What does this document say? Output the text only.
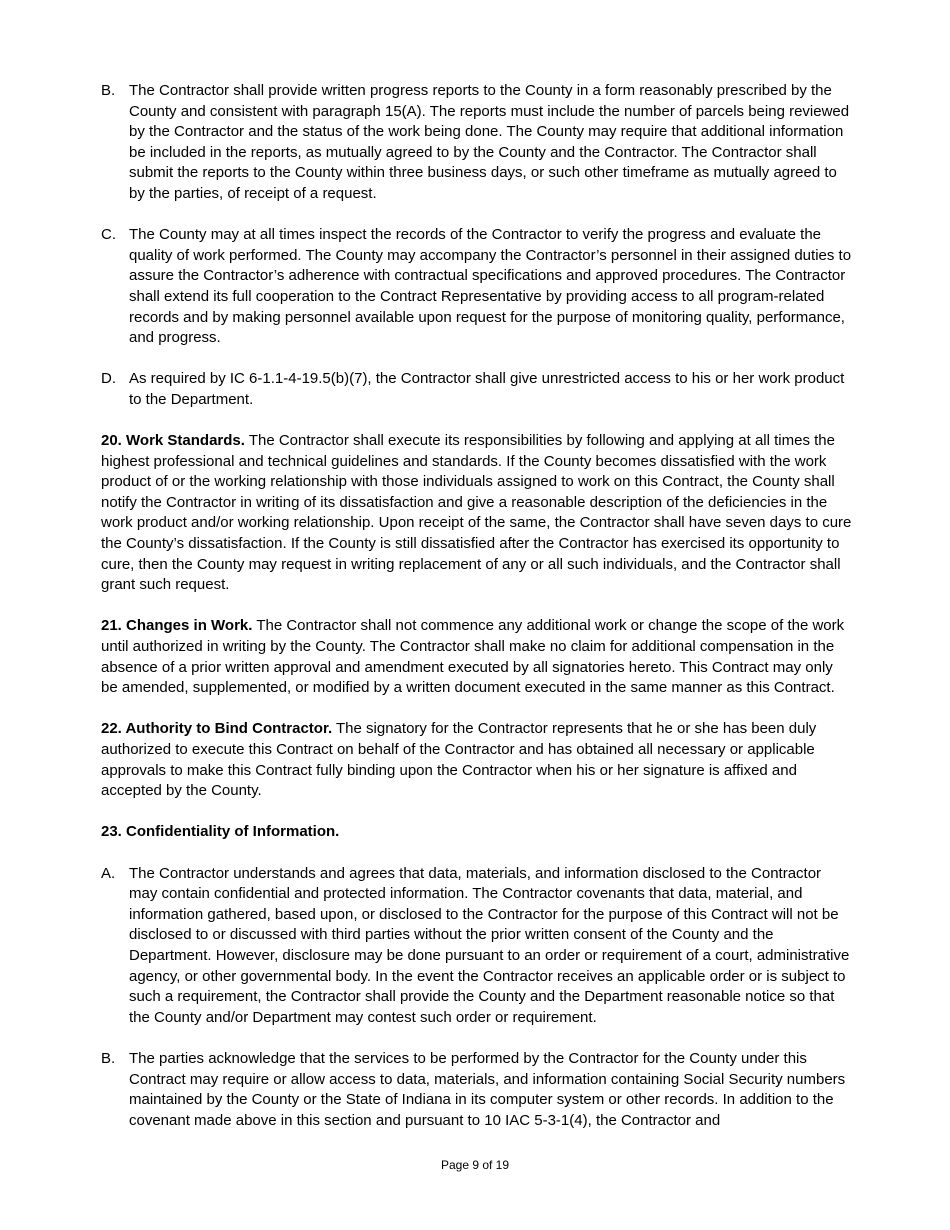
B. The Contractor shall provide written progress reports to the County in a form reasonably prescribed by the County and consistent with paragraph 15(A). The reports must include the number of parcels being reviewed by the Contractor and the status of the work being done. The County may require that additional information be included in the reports, as mutually agreed to by the County and the Contractor. The Contractor shall submit the reports to the County within three business days, or such other timeframe as mutually agreed to by the parties, of receipt of a request.
C. The County may at all times inspect the records of the Contractor to verify the progress and evaluate the quality of work performed. The County may accompany the Contractor’s personnel in their assigned duties to assure the Contractor’s adherence with contractual specifications and approved procedures. The Contractor shall extend its full cooperation to the Contract Representative by providing access to all program-related records and by making personnel available upon request for the purpose of monitoring quality, performance, and progress.
D. As required by IC 6-1.1-4-19.5(b)(7), the Contractor shall give unrestricted access to his or her work product to the Department.

20. Work Standards. The Contractor shall execute its responsibilities by following and applying at all times the highest professional and technical guidelines and standards. If the County becomes dissatisfied with the work product of or the working relationship with those individuals assigned to work on this Contract, the County shall notify the Contractor in writing of its dissatisfaction and give a reasonable description of the deficiencies in the work product and/or working relationship. Upon receipt of the same, the Contractor shall have seven days to cure the County’s dissatisfaction. If the County is still dissatisfied after the Contractor has exercised its opportunity to cure, then the County may request in writing replacement of any or all such individuals, and the Contractor shall grant such request.

21. Changes in Work. The Contractor shall not commence any additional work or change the scope of the work until authorized in writing by the County. The Contractor shall make no claim for additional compensation in the absence of a prior written approval and amendment executed by all signatories hereto. This Contract may only be amended, supplemented, or modified by a written document executed in the same manner as this Contract.

22. Authority to Bind Contractor. The signatory for the Contractor represents that he or she has been duly authorized to execute this Contract on behalf of the Contractor and has obtained all necessary or applicable approvals to make this Contract fully binding upon the Contractor when his or her signature is affixed and accepted by the County.

23. Confidentiality of Information.

A. The Contractor understands and agrees that data, materials, and information disclosed to the Contractor may contain confidential and protected information. The Contractor covenants that data, material, and information gathered, based upon, or disclosed to the Contractor for the purpose of this Contract will not be disclosed to or discussed with third parties without the prior written consent of the County and the Department. However, disclosure may be done pursuant to an order or requirement of a court, administrative agency, or other governmental body. In the event the Contractor receives an applicable order or is subject to such a requirement, the Contractor shall provide the County and the Department reasonable notice so that the County and/or Department may contest such order or requirement.
B. The parties acknowledge that the services to be performed by the Contractor for the County under this Contract may require or allow access to data, materials, and information containing Social Security numbers maintained by the County or the State of Indiana in its computer system or other records. In addition to the covenant made above in this section and pursuant to 10 IAC 5-3-1(4), the Contractor and
Page 9 of 19
